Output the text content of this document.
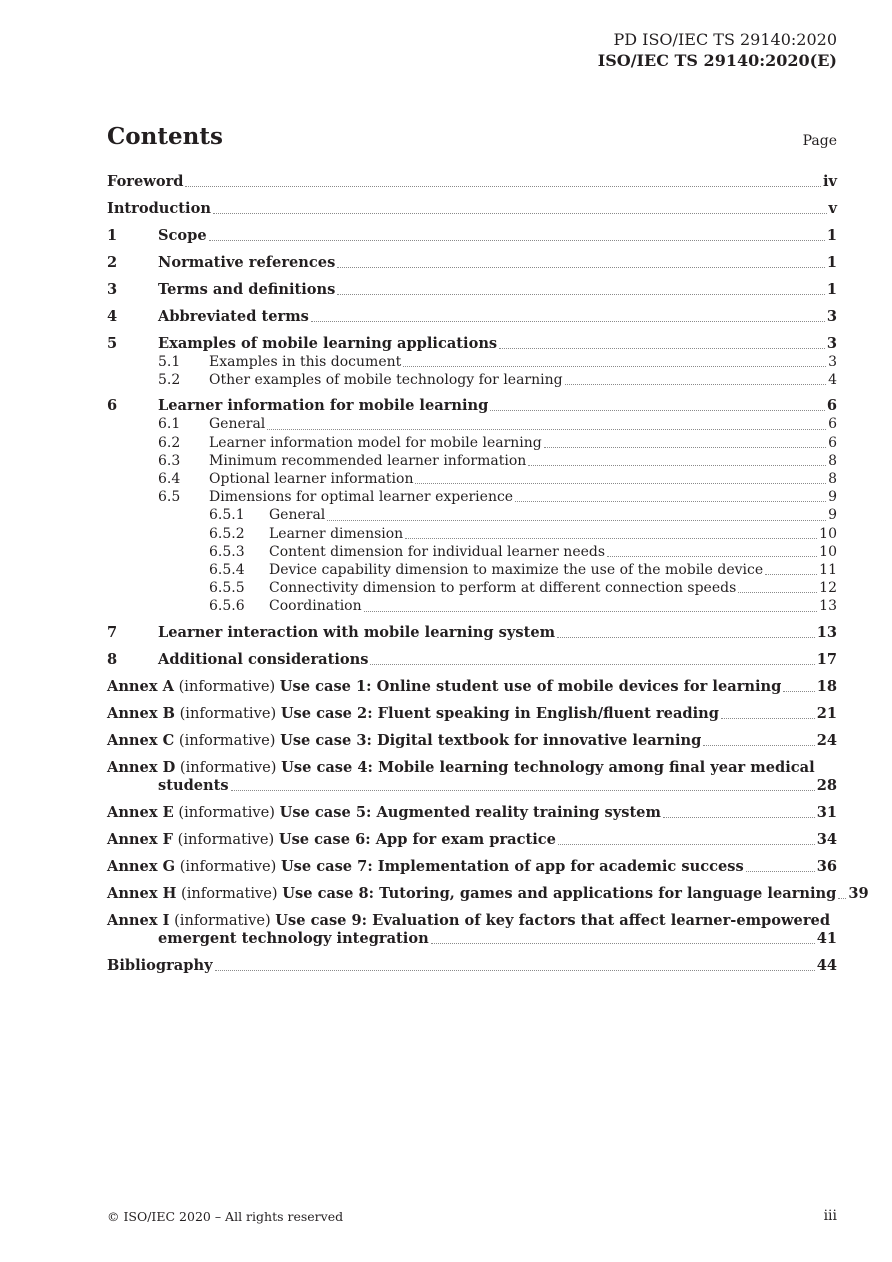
PD ISO/IEC TS 29140:2020
ISO/IEC TS 29140:2020(E)
Contents	Page
Foreword	iv
Introduction	v
1	Scope	1
2	Normative references	1
3	Terms and definitions	1
4	Abbreviated terms	3
5	Examples of mobile learning applications	3
5.1	Examples in this document	3
5.2	Other examples of mobile technology for learning	4
6	Learner information for mobile learning	6
6.1	General	6
6.2	Learner information model for mobile learning	6
6.3	Minimum recommended learner information	8
6.4	Optional learner information	8
6.5	Dimensions for optimal learner experience	9
6.5.1	General	9
6.5.2	Learner dimension	10
6.5.3	Content dimension for individual learner needs	10
6.5.4	Device capability dimension to maximize the use of the mobile device	11
6.5.5	Connectivity dimension to perform at different connection speeds	12
6.5.6	Coordination	13
7	Learner interaction with mobile learning system	13
8	Additional considerations	17
Annex A (informative) Use case 1: Online student use of mobile devices for learning 18
Annex B (informative) Use case 2: Fluent speaking in English/fluent reading	21
Annex C (informative) Use case 3: Digital textbook for innovative learning	24
Annex D (informative) Use case 4: Mobile learning technology among final year medical
students	28
Annex E (informative) Use case 5: Augmented reality training system	31
Annex F (informative) Use case 6: App for exam practice	34
Annex G (informative) Use case 7: Implementation of app for academic success	36
Annex H (informative) Use case 8: Tutoring, games and applications for language learning 39
Annex I (informative) Use case 9: Evaluation of key factors that affect learner-empowered
emergent technology integration	41
Bibliography	44
© ISO/IEC 2020 – All rights reserved	iii
